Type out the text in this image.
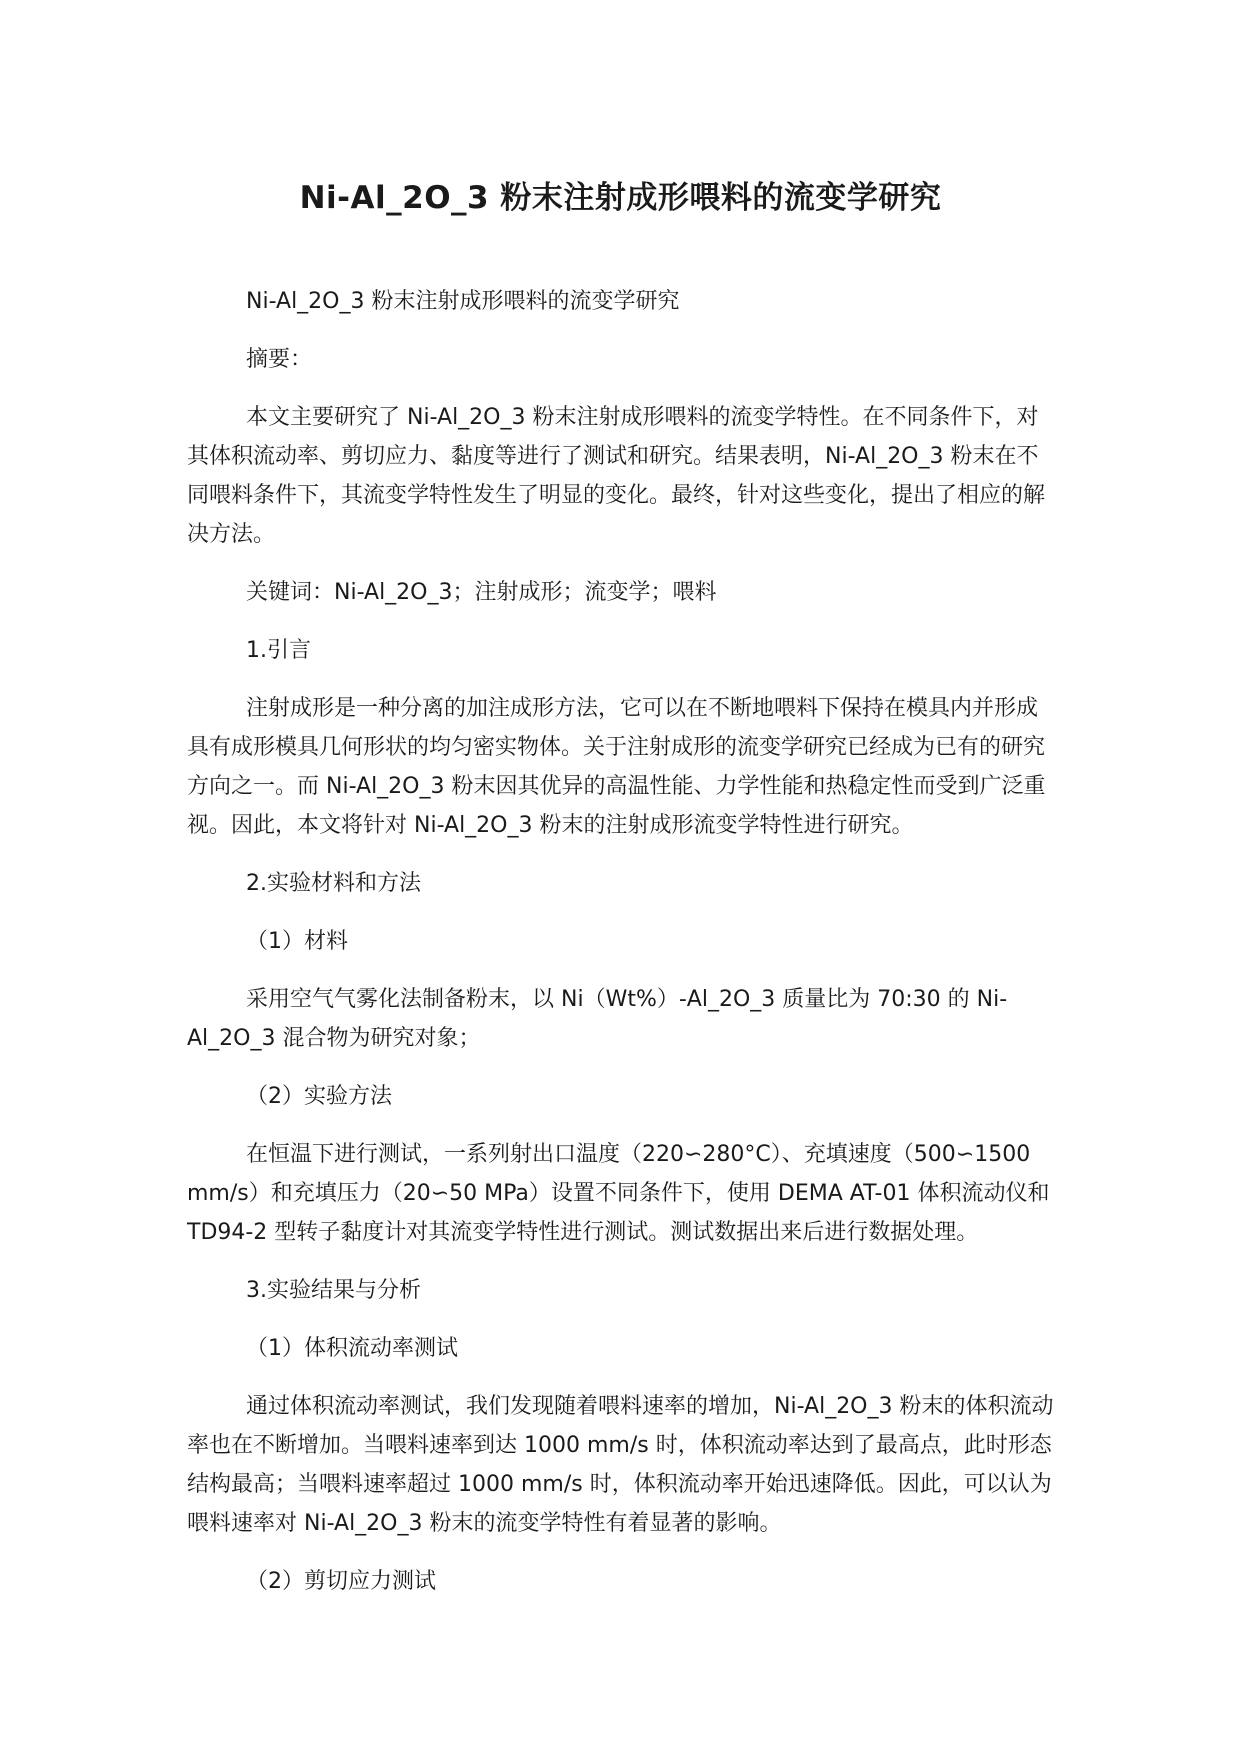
Ni-Al_2O_3 粉末注射成形喂料的流变学研究

Ni-Al_2O_3 粉末注射成形喂料的流变学研究

摘要：

本文主要研究了 Ni-Al_2O_3 粉末注射成形喂料的流变学特性。在不同条件下，对其体积流动率、剪切应力、黏度等进行了测试和研究。结果表明，Ni-Al_2O_3 粉末在不同喂料条件下，其流变学特性发生了明显的变化。最终，针对这些变化，提出了相应的解决方法。

关键词：Ni-Al_2O_3；注射成形；流变学；喂料

1.引言

注射成形是一种分离的加注成形方法，它可以在不断地喂料下保持在模具内并形成具有成形模具几何形状的均匀密实物体。关于注射成形的流变学研究已经成为已有的研究方向之一。而 Ni-Al_2O_3 粉末因其优异的高温性能、力学性能和热稳定性而受到广泛重视。因此，本文将针对 Ni-Al_2O_3 粉末的注射成形流变学特性进行研究。

2.实验材料和方法

（1）材料

采用空气气雾化法制备粉末，以 Ni（Wt%）-Al_2O_3 质量比为 70:30 的 Ni-Al_2O_3 混合物为研究对象；

（2）实验方法

在恒温下进行测试，一系列射出口温度（220∽280°C）、充填速度（500∽1500 mm/s）和充填压力（20∽50 MPa）设置不同条件下，使用 DEMA AT-01 体积流动仪和 TD94-2 型转子黏度计对其流变学特性进行测试。测试数据出来后进行数据处理。

3.实验结果与分析

（1）体积流动率测试

通过体积流动率测试，我们发现随着喂料速率的增加，Ni-Al_2O_3 粉末的体积流动率也在不断增加。当喂料速率到达 1000 mm/s 时，体积流动率达到了最高点，此时形态结构最高；当喂料速率超过 1000 mm/s 时，体积流动率开始迅速降低。因此，可以认为喂料速率对 Ni-Al_2O_3 粉末的流变学特性有着显著的影响。

（2）剪切应力测试
